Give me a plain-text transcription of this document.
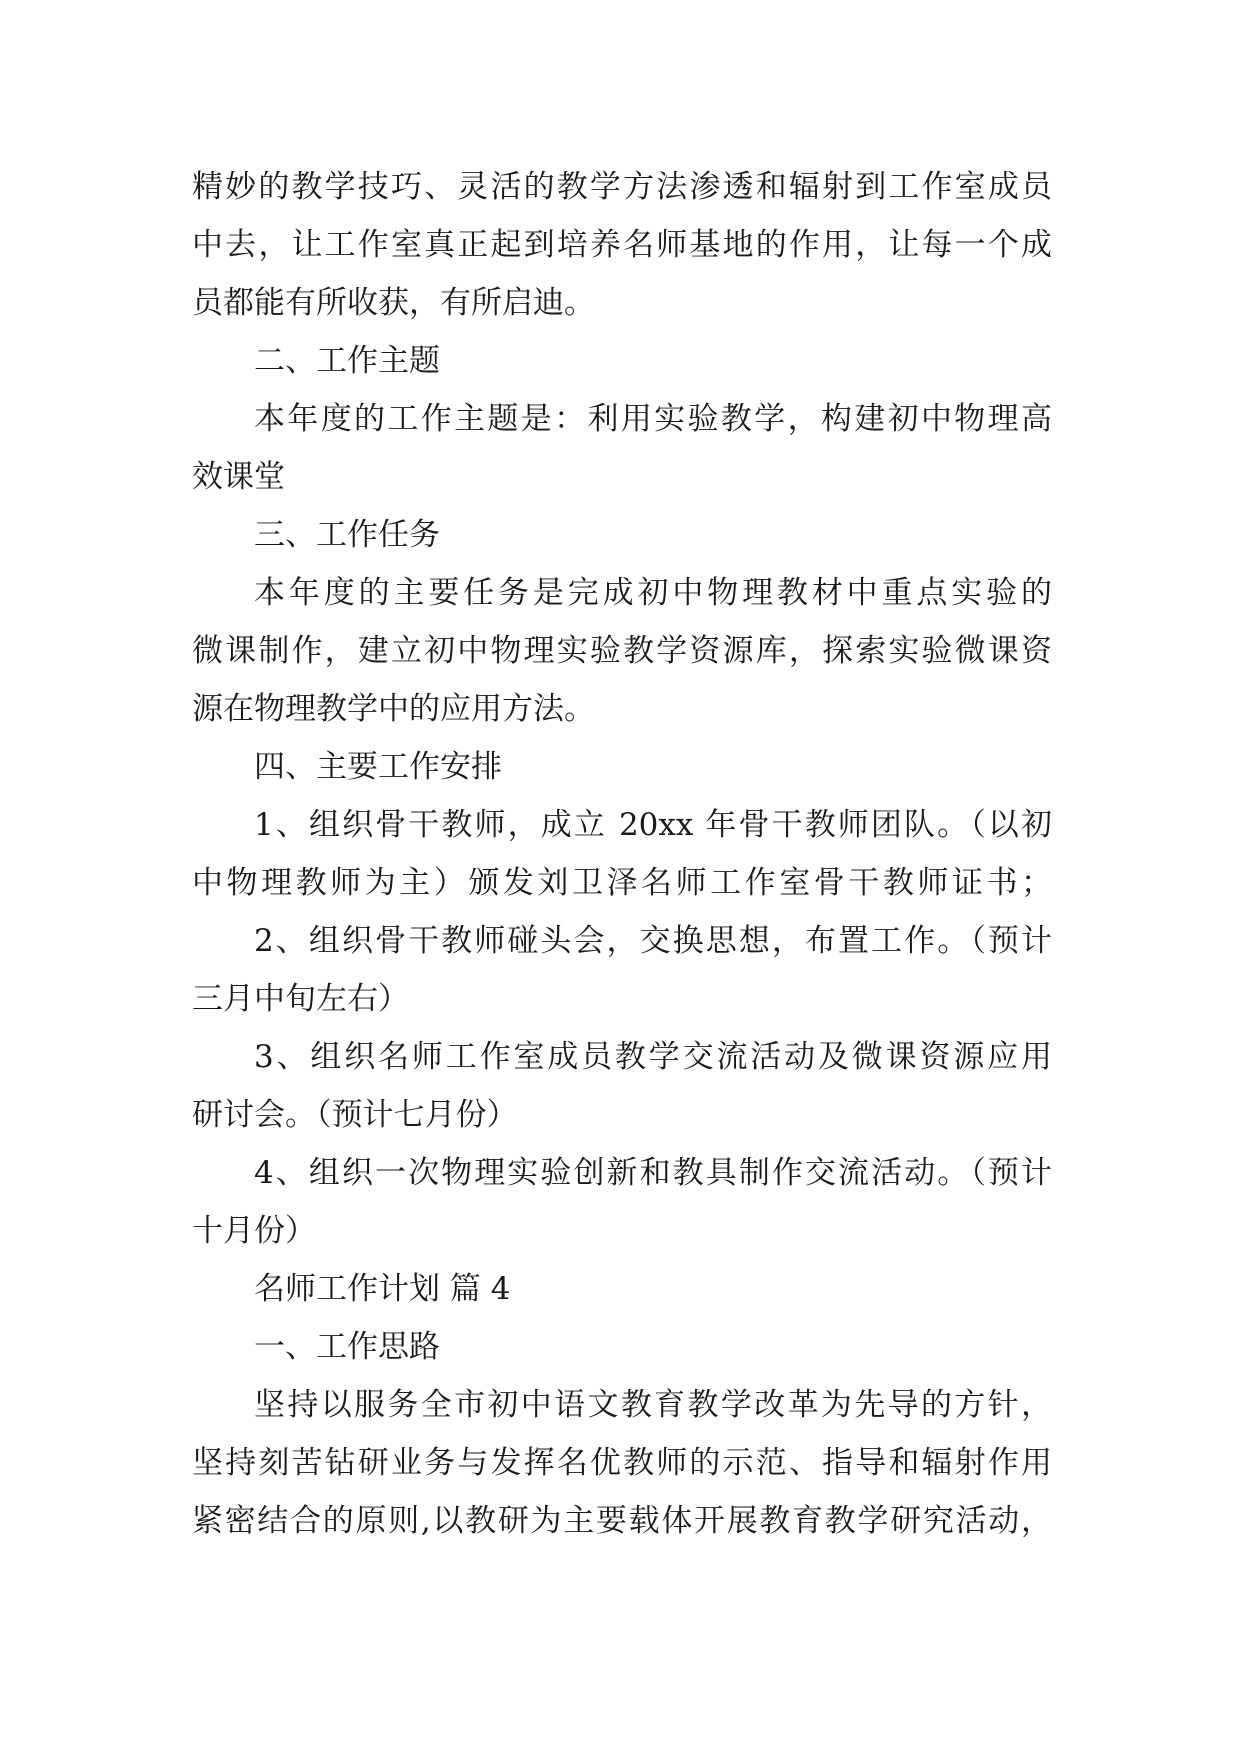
精妙的教学技巧、灵活的教学方法渗透和辐射到工作室成员
中去，让工作室真正起到培养名师基地的作用，让每一个成
员都能有所收获，有所启迪。
二、工作主题
本年度的工作主题是：利用实验教学，构建初中物理高
效课堂
三、工作任务
本年度的主要任务是完成初中物理教材中重点实验的
微课制作，建立初中物理实验教学资源库，探索实验微课资
源在物理教学中的应用方法。
四、主要工作安排
1、组织骨干教师，成立 20xx 年骨干教师团队。（以初
中物理教师为主）颁发刘卫泽名师工作室骨干教师证书；
2、组织骨干教师碰头会，交换思想，布置工作。（预计
三月中旬左右）
3、组织名师工作室成员教学交流活动及微课资源应用
研讨会。（预计七月份）
4、组织一次物理实验创新和教具制作交流活动。（预计
十月份）
名师工作计划 篇 4
一、工作思路
坚持以服务全市初中语文教育教学改革为先导的方针，
坚持刻苦钻研业务与发挥名优教师的示范、指导和辐射作用
紧密结合的原则,以教研为主要载体开展教育教学研究活动，
